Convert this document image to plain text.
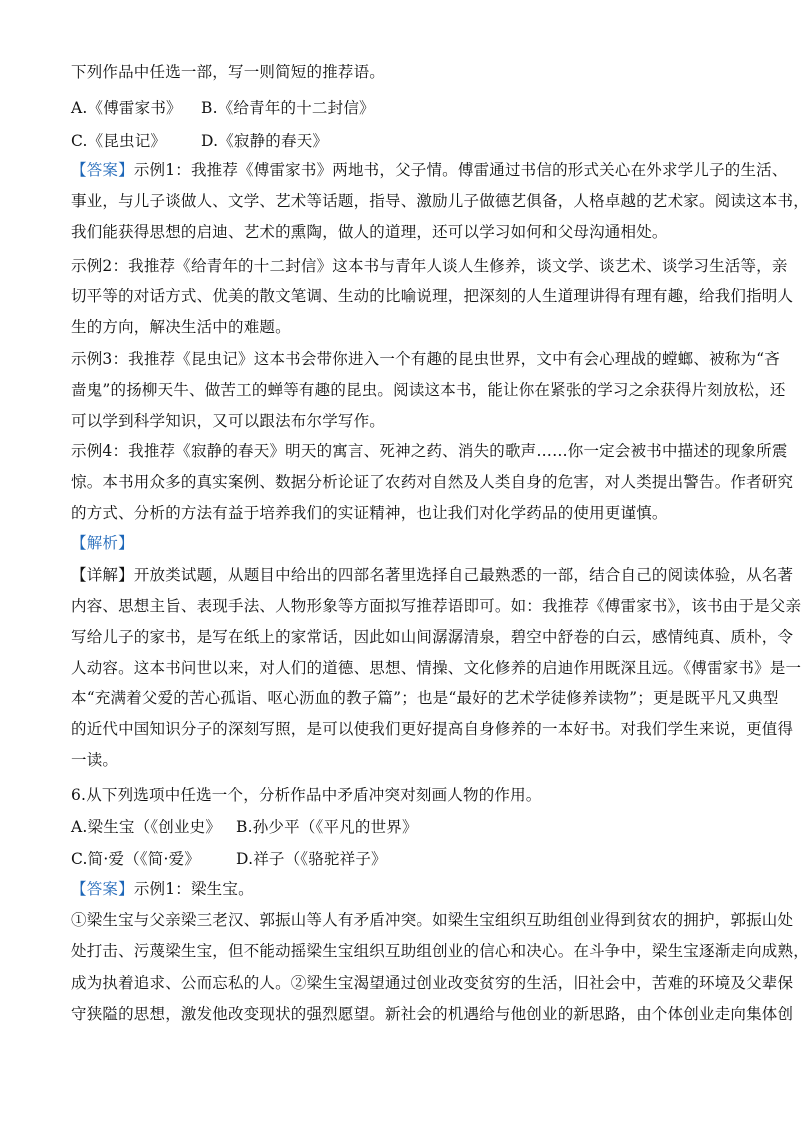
下列作品中任选一部，写一则简短的推荐语。
A.《傅雷家书》 B.《给青年的十二封信》
C.《昆虫记》 D.《寂静的春天》
【答案】示例1：我推荐《傅雷家书》两地书，父子情。傅雷通过书信的形式关心在外求学儿子的生活、
事业，与儿子谈做人、文学、艺术等话题，指导、激励儿子做德艺俱备，人格卓越的艺术家。阅读这本书，
我们能获得思想的启迪、艺术的熏陶，做人的道理，还可以学习如何和父母沟通相处。
示例2：我推荐《给青年的十二封信》这本书与青年人谈人生修养，谈文学、谈艺术、谈学习生活等，亲
切平等的对话方式、优美的散文笔调、生动的比喻说理，把深刻的人生道理讲得有理有趣，给我们指明人
生的方向，解决生活中的难题。
示例3：我推荐《昆虫记》这本书会带你进入一个有趣的昆虫世界，文中有会心理战的螳螂、被称为“吝
啬鬼”的扬柳天牛、做苦工的蝉等有趣的昆虫。阅读这本书，能让你在紧张的学习之余获得片刻放松，还
可以学到科学知识，又可以跟法布尔学写作。
示例4：我推荐《寂静的春天》明天的寓言、死神之药、消失的歌声……你一定会被书中描述的现象所震
惊。本书用众多的真实案例、数据分析论证了农药对自然及人类自身的危害，对人类提出警告。作者研究
的方式、分析的方法有益于培养我们的实证精神，也让我们对化学药品的使用更谨慎。
【解析】
【详解】开放类试题，从题目中给出的四部名著里选择自己最熟悉的一部，结合自己的阅读体验，从名著
内容、思想主旨、表现手法、人物形象等方面拟写推荐语即可。如：我推荐《傅雷家书》，该书由于是父亲
写给儿子的家书，是写在纸上的家常话，因此如山间潺潺清泉，碧空中舒卷的白云，感情纯真、质朴，令
人动容。这本书问世以来，对人们的道德、思想、情操、文化修养的启迪作用既深且远。《傅雷家书》是一
本“充满着父爱的苦心孤诣、呕心沥血的教子篇”；也是“最好的艺术学徒修养读物”；更是既平凡又典型
的近代中国知识分子的深刻写照，是可以使我们更好提高自身修养的一本好书。对我们学生来说，更值得
一读。
6.从下列选项中任选一个，分析作品中矛盾冲突对刻画人物的作用。
A.梁生宝（《创业史》 B.孙少平（《平凡的世界》
C.简·爱（《简·爱》 D.祥子（《骆驼祥子》
【答案】示例1：梁生宝。
①梁生宝与父亲梁三老汉、郭振山等人有矛盾冲突。如梁生宝组织互助组创业得到贫农的拥护，郭振山处
处打击、污蔑梁生宝，但不能动摇梁生宝组织互助组创业的信心和决心。在斗争中，梁生宝逐渐走向成熟，
成为执着追求、公而忘私的人。②梁生宝渴望通过创业改变贫穷的生活，旧社会中，苦难的环境及父辈保
守狭隘的思想，激发他改变现状的强烈愿望。新社会的机遇给与他创业的新思路，由个体创业走向集体创
